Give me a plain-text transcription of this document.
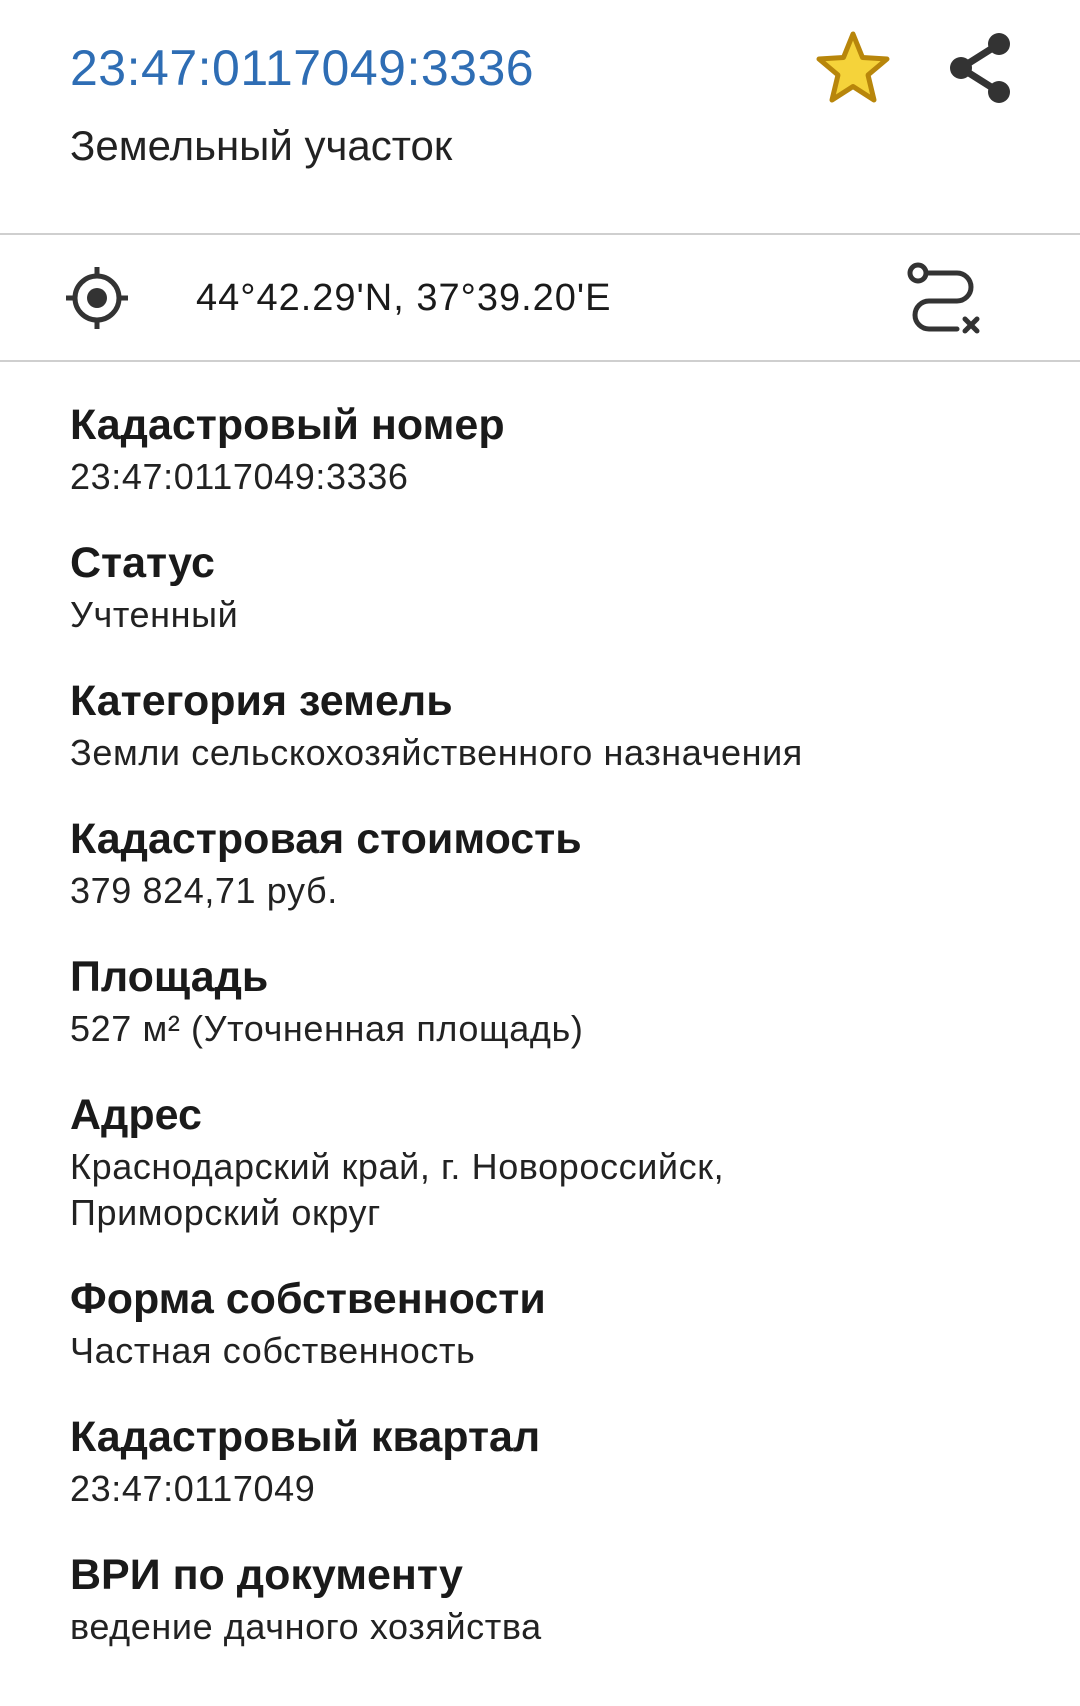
23:47:0117049:3336
Земельный участок
44°42.29'N, 37°39.20'E
Кадастровый номер
23:47:0117049:3336
Статус
Учтенный
Категория земель
Земли сельскохозяйственного назначения
Кадастровая стоимость
379 824,71 руб.
Площадь
527 м² (Уточненная площадь)
Адрес
Краснодарский край, г. Новороссийск,
Приморский округ
Форма собственности
Частная собственность
Кадастровый квартал
23:47:0117049
ВРИ по документу
ведение дачного хозяйства
